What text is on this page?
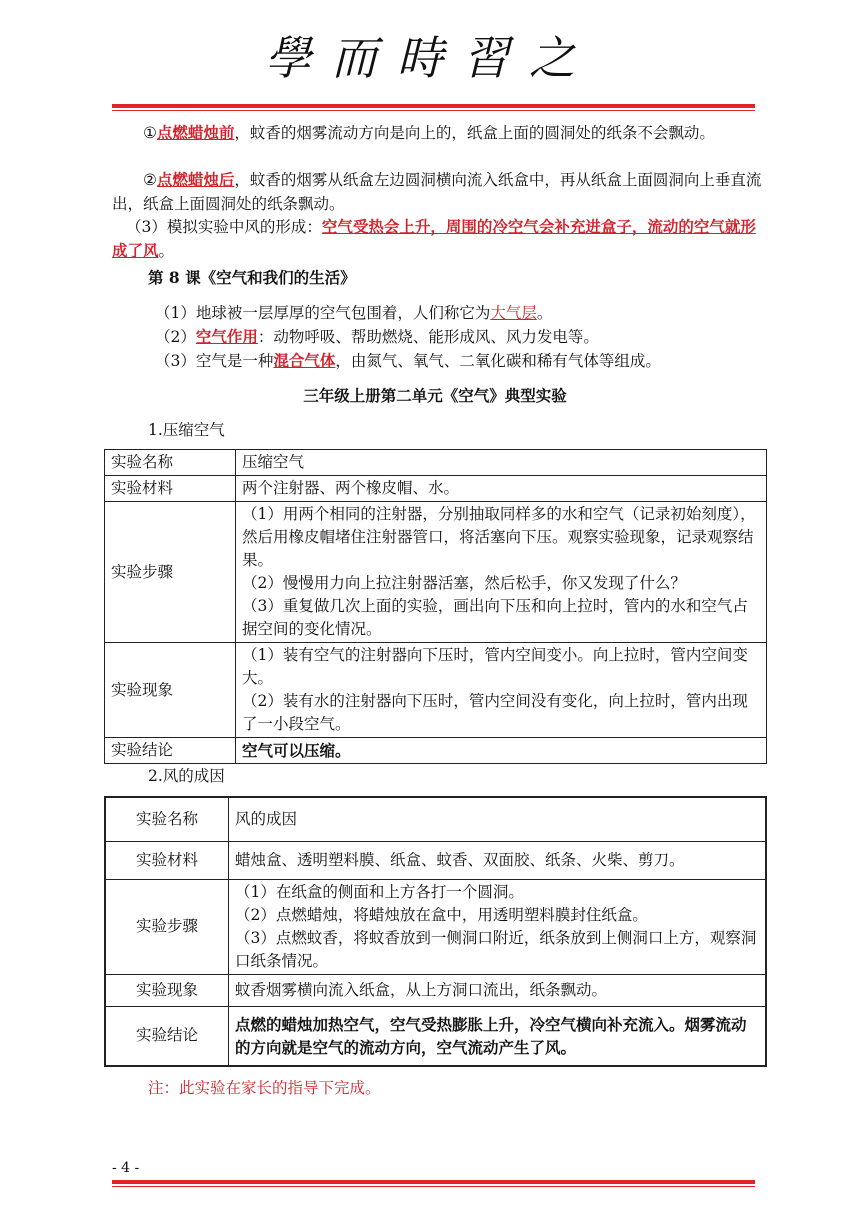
學而時習之
①点燃蜡烛前，蚊香的烟雾流动方向是向上的，纸盒上面的圆洞处的纸条不会飘动。
②点燃蜡烛后，蚊香的烟雾从纸盒左边圆洞横向流入纸盒中，再从纸盒上面圆洞向上垂直流出，纸盒上面圆洞处的纸条飘动。
（3）模拟实验中风的形成：空气受热会上升，周围的冷空气会补充进盒子，流动的空气就形成了风。
第 8 课《空气和我们的生活》
（1）地球被一层厚厚的空气包围着，人们称它为大气层。
（2）空气作用：动物呼吸、帮助燃烧、能形成风、风力发电等。
（3）空气是一种混合气体，由氮气、氧气、二氧化碳和稀有气体等组成。
三年级上册第二单元《空气》典型实验
1.压缩空气
实验名称	压缩空气
实验材料	两个注射器、两个橡皮帽、水。
实验步骤	（1）用两个相同的注射器，分别抽取同样多的水和空气（记录初始刻度），然后用橡皮帽堵住注射器管口，将活塞向下压。观察实验现象，记录观察结果。
（2）慢慢用力向上拉注射器活塞，然后松手，你又发现了什么？
（3）重复做几次上面的实验，画出向下压和向上拉时，管内的水和空气占据空间的变化情况。

实验现象	（1）装有空气的注射器向下压时，管内空间变小。向上拉时，管内空间变大。
（2）装有水的注射器向下压时，管内空间没有变化，向上拉时，管内出现了一小段空气。

实验结论	空气可以压缩。
2.风的成因
实验名称	风的成因
实验材料	蜡烛盒、透明塑料膜、纸盒、蚊香、双面胶、纸条、火柴、剪刀。
实验步骤	（1）在纸盒的侧面和上方各打一个圆洞。
（2）点燃蜡烛，将蜡烛放在盒中，用透明塑料膜封住纸盒。
（3）点燃蚊香，将蚊香放到一侧洞口附近，纸条放到上侧洞口上方，观察洞口纸条情况。

实验现象	蚊香烟雾横向流入纸盒，从上方洞口流出，纸条飘动。
实验结论	点燃的蜡烛加热空气，空气受热膨胀上升，冷空气横向补充流入。烟雾流动的方向就是空气的流动方向，空气流动产生了风。
注：此实验在家长的指导下完成。
- 4 -
